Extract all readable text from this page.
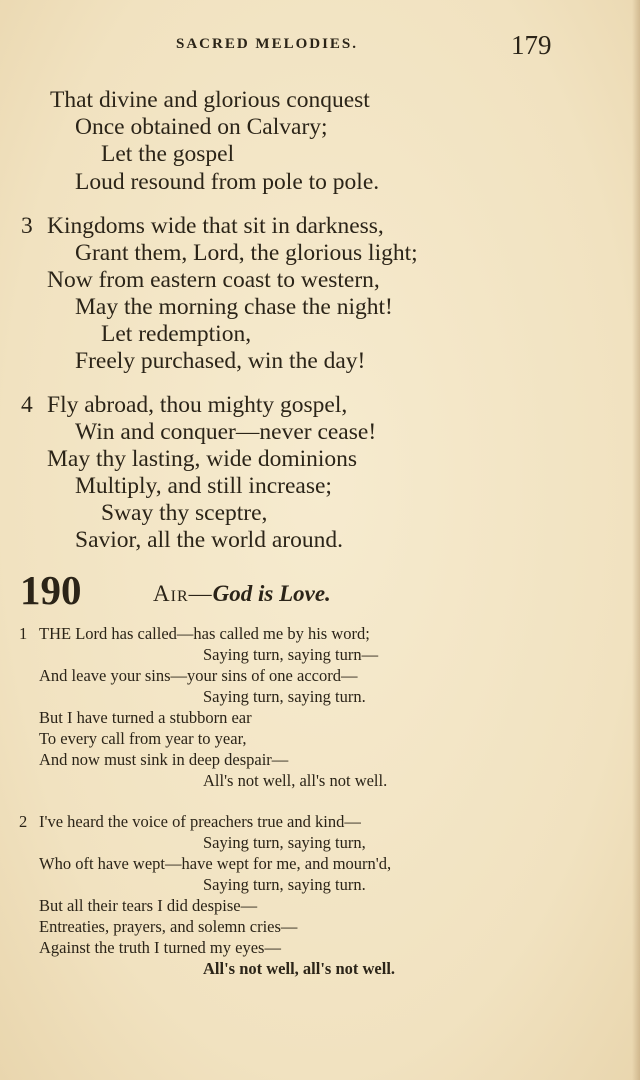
SACRED MELODIES.	179
That divine and glorious conquest
Once obtained on Calvary;
Let the gospel
Loud resound from pole to pole.
3 Kingdoms wide that sit in darkness,
Grant them, Lord, the glorious light;
Now from eastern coast to western,
May the morning chase the night!
Let redemption,
Freely purchased, win the day!
4 Fly abroad, thou mighty gospel,
Win and conquer—never cease!
May thy lasting, wide dominions
Multiply, and still increase;
Sway thy sceptre,
Savior, all the world around.
190	Air—God is Love.
1 THE Lord has called—has called me by his word;
Saying turn, saying turn—
And leave your sins—your sins of one accord—
Saying turn, saying turn.
But I have turned a stubborn ear
To every call from year to year,
And now must sink in deep despair—
All's not well, all's not well.
2 I've heard the voice of preachers true and kind—
Saying turn, saying turn,
Who oft have wept—have wept for me, and mourn'd,
Saying turn, saying turn.
But all their tears I did despise—
Entreaties, prayers, and solemn cries—
Against the truth I turned my eyes—
All's not well, all's not well.
